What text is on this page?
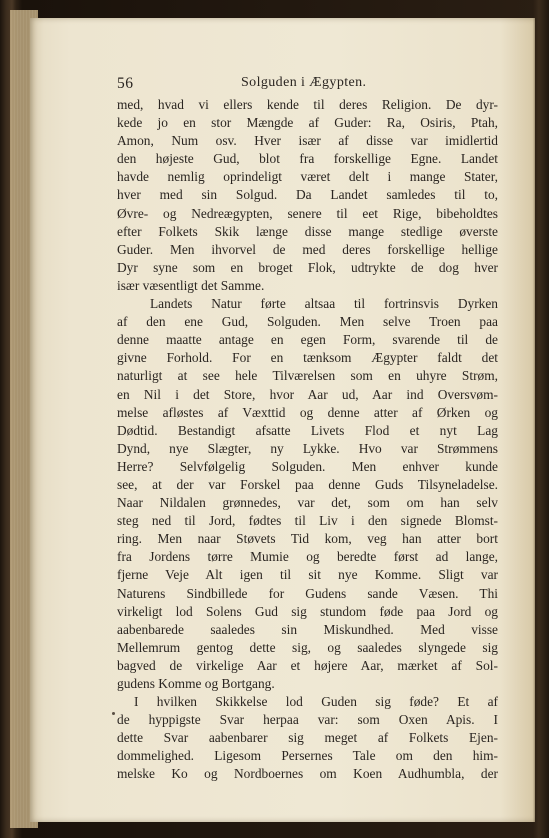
56	Solguden i Ægypten.
med, hvad vi ellers kende til deres Religion. De dyr-
kede jo en stor Mængde af Guder: Ra, Osiris, Ptah,
Amon, Num osv. Hver især af disse var imidlertid
den højeste Gud, blot fra forskellige Egne. Landet
havde nemlig oprindeligt været delt i mange Stater,
hver med sin Solgud. Da Landet samledes til to,
Øvre- og Nedreægypten, senere til eet Rige, bibeholdtes
efter Folkets Skik længe disse mange stedlige øverste
Guder. Men ihvorvel de med deres forskellige hellige
Dyr syne som en broget Flok, udtrykte de dog hver
især væsentligt det Samme.
Landets Natur førte altsaa til fortrinsvis Dyrken
af den ene Gud, Solguden. Men selve Troen paa
denne maatte antage en egen Form, svarende til de
givne Forhold. For en tænksom Ægypter faldt det
naturligt at see hele Tilværelsen som en uhyre Strøm,
en Nil i det Store, hvor Aar ud, Aar ind Oversvøm-
melse afløstes af Væxttid og denne atter af Ørken og
Dødtid. Bestandigt afsatte Livets Flod et nyt Lag
Dynd, nye Slægter, ny Lykke. Hvo var Strømmens
Herre? Selvfølgelig Solguden. Men enhver kunde
see, at der var Forskel paa denne Guds Tilsyneladelse.
Naar Nildalen grønnedes, var det, som om han selv
steg ned til Jord, fødtes til Liv i den signede Blomst-
ring. Men naar Støvets Tid kom, veg han atter bort
fra Jordens tørre Mumie og beredte først ad lange,
fjerne Veje Alt igen til sit nye Komme. Sligt var
Naturens Sindbillede for Gudens sande Væsen. Thi
virkeligt lod Solens Gud sig stundom føde paa Jord og
aabenbarede saaledes sin Miskundhed. Med visse
Mellemrum gentog dette sig, og saaledes slyngede sig
bagved de virkelige Aar et højere Aar, mærket af Sol-
gudens Komme og Bortgang.
I hvilken Skikkelse lod Guden sig føde? Et af
de hyppigste Svar herpaa var: som Oxen Apis. I
dette Svar aabenbarer sig meget af Folkets Ejen-
dommelighed. Ligesom Persernes Tale om den him-
melske Ko og Nordboernes om Koen Audhumbla, der
